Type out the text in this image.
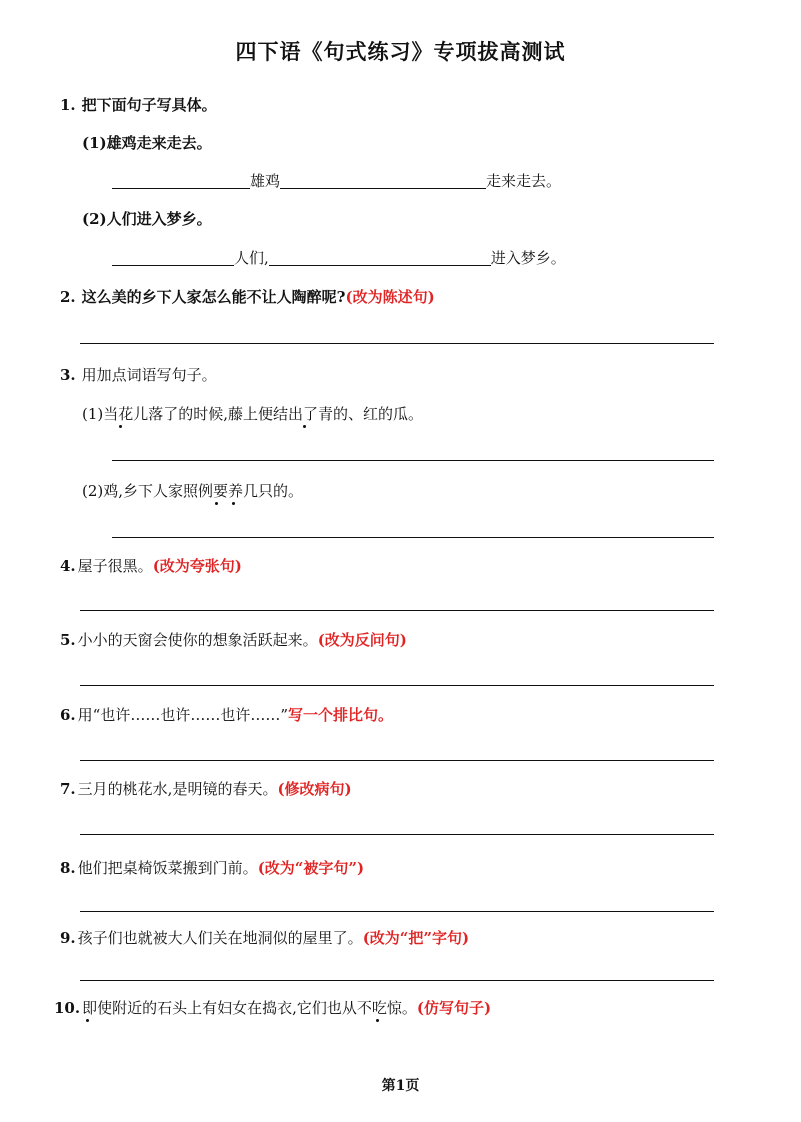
四下语《句式练习》专项拔高测试
1. 把下面句子写具体。
(1)雄鸡走来走去。
雄鸡	走来走去。
(2)人们进入梦乡。
人们,	进入梦乡。
2. 这么美的乡下人家怎么能不让人陶醉呢?(改为陈述句)
3. 用加点词语写句子。
(1)当花儿落了的时候,藤上便结出了青的、红的瓜。
(2)鸡,乡下人家照例要养几只的。
4. 屋子很黑。(改为夸张句)
5. 小小的天窗会使你的想象活跃起来。(改为反问句)
6. 用“也许……也许……也许……”写一个排比句。
7. 三月的桃花水,是明镜的春天。(修改病句)
8. 他们把桌椅饭菜搬到门前。(改为“被字句”)
9. 孩子们也就被大人们关在地洞似的屋里了。(改为“把”字句)
10. 即使附近的石头上有妇女在捣衣,它们也从不吃惊。(仿写句子)
第1页
